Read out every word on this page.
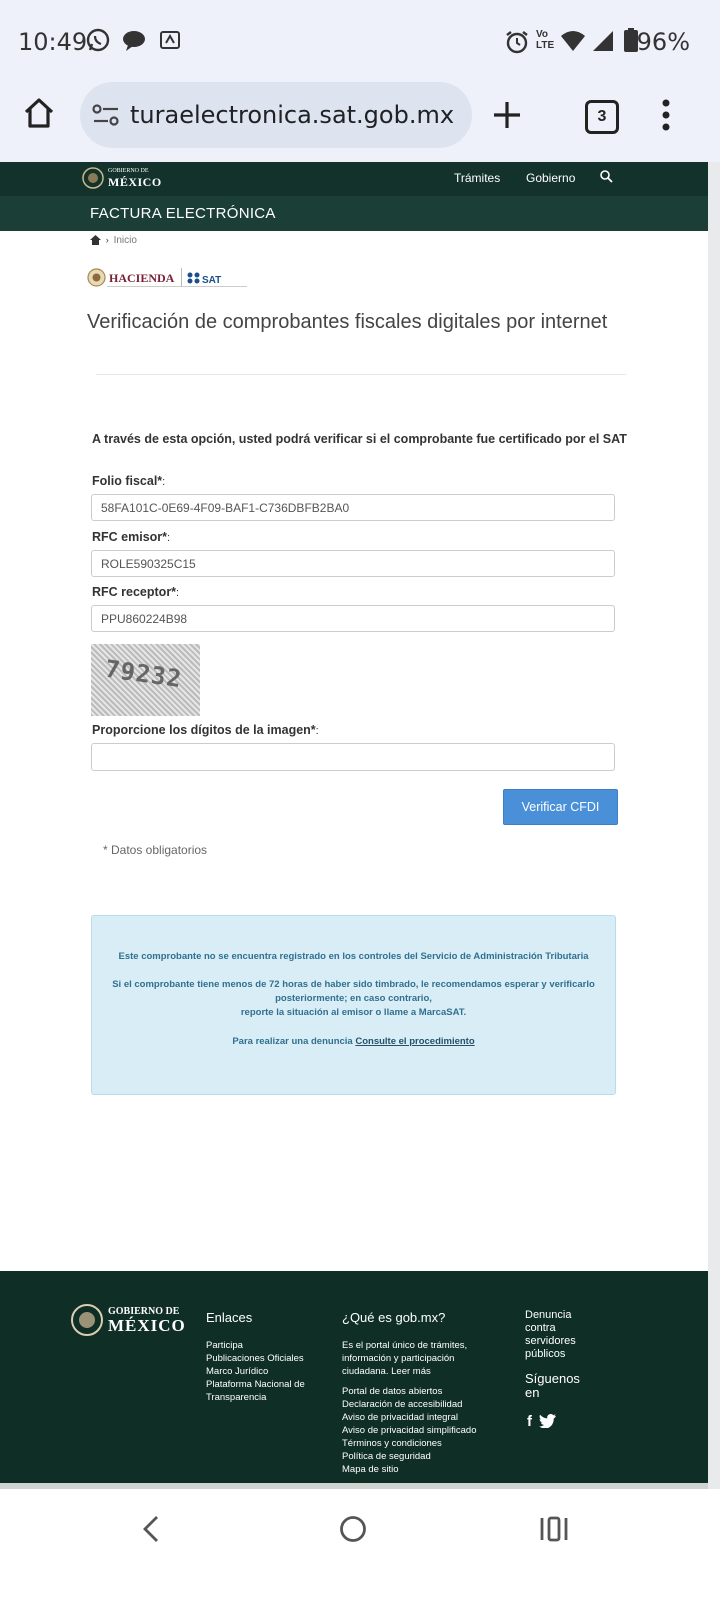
10:49	Vo LTE	96%
turaelectronica.sat.gob.mx	3
GOBIERNO DE
MÉXICO	Trámites Gobierno
FACTURA ELECTRÓNICA
› Inicio
HACIENDA	SAT
Verificación de comprobantes fiscales digitales por internet
A través de esta opción, usted podrá verificar si el comprobante fue certificado por el SAT
Folio fiscal*:
58FA101C-0E69-4F09-BAF1-C736DBFB2BA0
RFC emisor*:
ROLE590325C15
RFC receptor*:
PPU860224B98
79232
Proporcione los dígitos de la imagen*:
Verificar CFDI
* Datos obligatorios

Este comprobante no se encuentra registrado en los controles del Servicio de Administración Tributaria

Si el comprobante tiene menos de 72 horas de haber sido timbrado, le recomendamos esperar y verificarlo

posteriormente; en caso contrario,

reporte la situación al emisor o llame a MarcaSAT.

Para realizar una denuncia Consulte el procedimiento

GOBIERNO DE
MÉXICO Enlaces
Participa
Publicaciones Oficiales
Marco Jurídico
Plataforma Nacional de
Transparencia
¿Qué es gob.mx?
Es el portal único de trámites,
información y participación
ciudadana. Leer más
Portal de datos abiertos
Declaración de accesibilidad
Aviso de privacidad integral
Aviso de privacidad simplificado
Términos y condiciones
Política de seguridad
Mapa de sitio
Denuncia
contra
servidores
públicos
Síguenos
en
f
